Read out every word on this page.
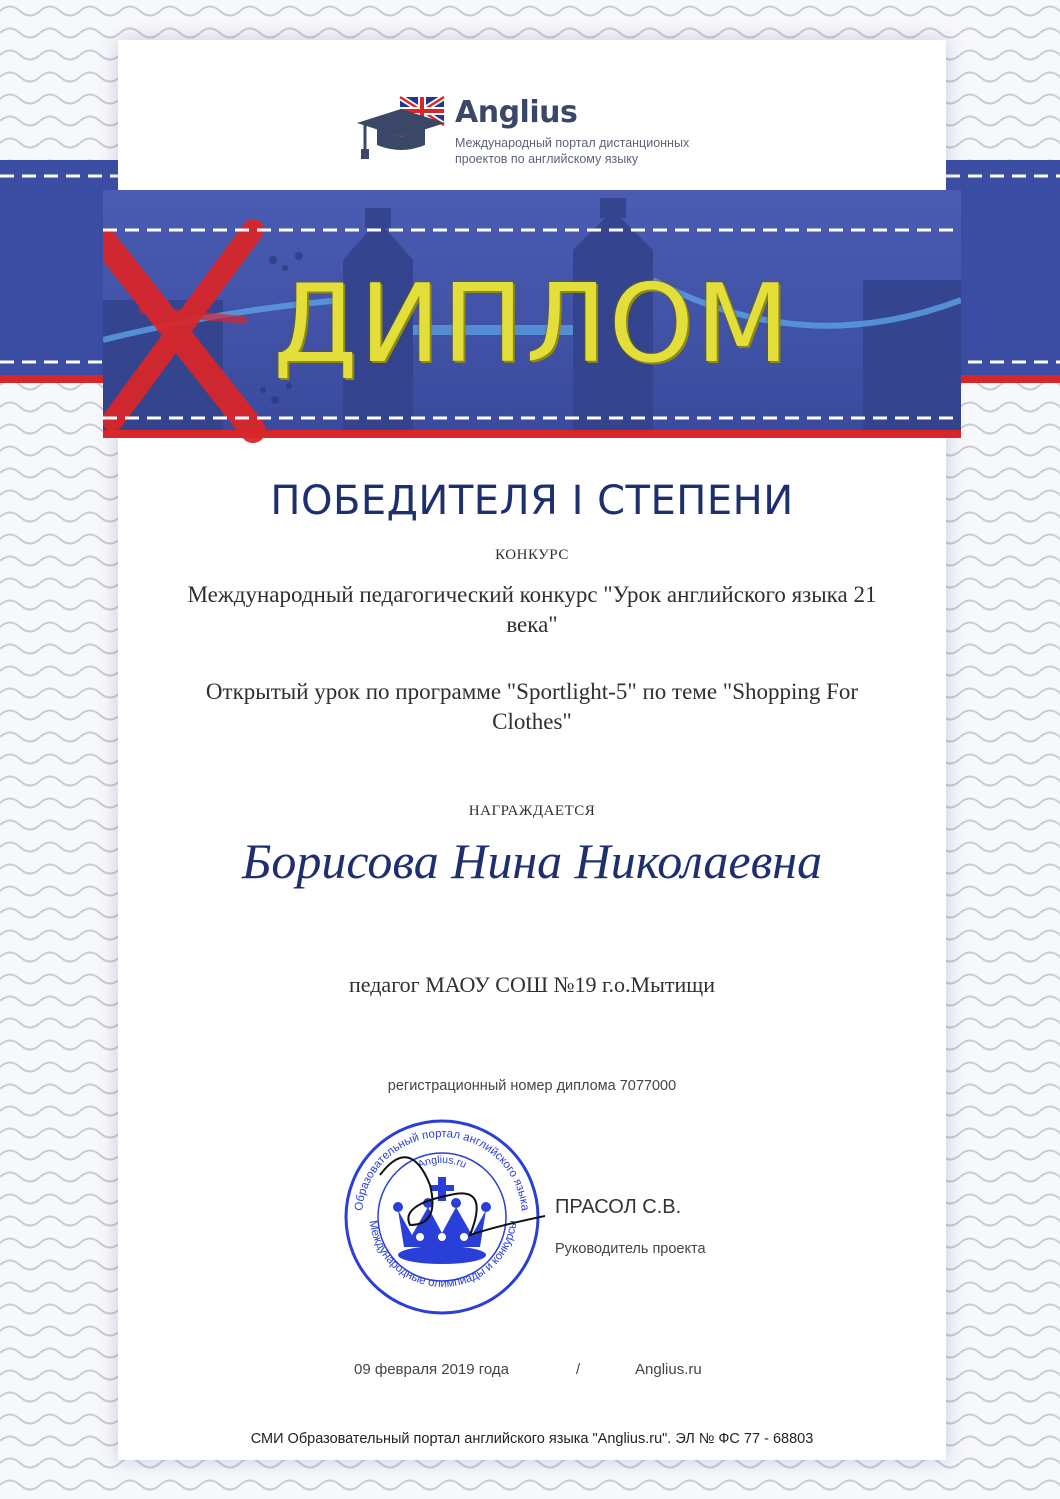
Anglius
Международный портал дистанционных проектов по английскому языку
ДИПЛОМ
ПОБЕДИТЕЛЯ I СТЕПЕНИ
КОНКУРС
Международный педагогический конкурс "Урок английского языка 21 века"
Открытый урок по программе "Sportlight-5" по теме "Shopping For Clothes"
НАГРАЖДАЕТСЯ
Борисова Нина Николаевна
педагог МАОУ СОШ №19 г.о.Мытищи
регистрационный номер диплома 7077000
Образовательный портал английского языка
Международные олимпиады и конкурсы
Anglius.ru
ПРАСОЛ С.В.
Руководитель проекта
09 февраля 2019 года	/	Anglius.ru
СМИ Образовательный портал английского языка "Anglius.ru". ЭЛ № ФС 77 - 68803
